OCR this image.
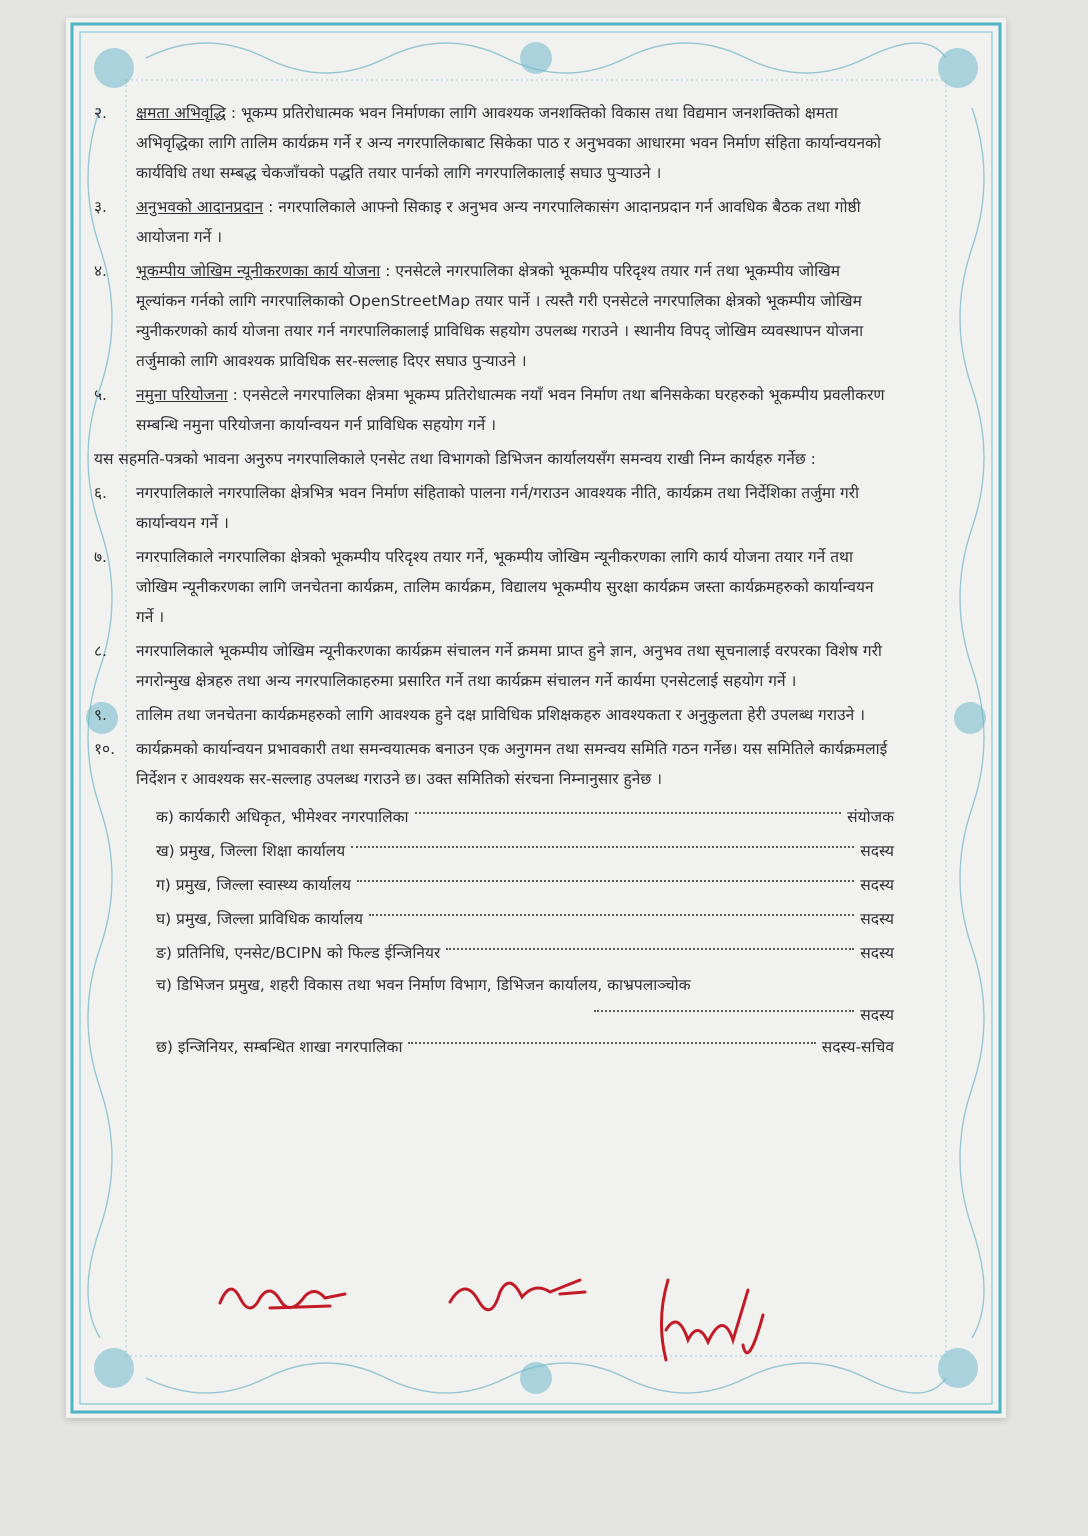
२.	क्षमता अभिवृद्धि : भूकम्प प्रतिरोधात्मक भवन निर्माणका लागि आवश्यक जनशक्तिको विकास तथा विद्यमान जनशक्तिको क्षमता अभिवृद्धिका लागि तालिम कार्यक्रम गर्ने र अन्य नगरपालिकाबाट सिकेका पाठ र अनुभवका आधारमा भवन निर्माण संहिता कार्यान्वयनको कार्यविधि तथा सम्बद्ध चेकजाँचको पद्धति तयार पार्नको लागि नगरपालिकालाई सघाउ पुर्‍याउने ।
३.	अनुभवको आदानप्रदान : नगरपालिकाले आफ्नो सिकाइ र अनुभव अन्य नगरपालिकासंग आदानप्रदान गर्न आवधिक बैठक तथा गोष्ठी आयोजना गर्ने ।
४.	भूकम्पीय जोखिम न्यूनीकरणका कार्य योजना : एनसेटले नगरपालिका क्षेत्रको भूकम्पीय परिदृश्य तयार गर्न तथा भूकम्पीय जोखिम मूल्यांकन गर्नको लागि नगरपालिकाको OpenStreetMap तयार पार्ने । त्यस्तै गरी एनसेटले नगरपालिका क्षेत्रको भूकम्पीय जोखिम न्युनीकरणको कार्य योजना तयार गर्न नगरपालिकालाई प्राविधिक सहयोग उपलब्ध गराउने । स्थानीय विपद् जोखिम व्यवस्थापन योजना तर्जुमाको लागि आवश्यक प्राविधिक सर-सल्लाह दिएर सघाउ पुर्‍याउने ।
५.	नमुना परियोजना : एनसेटले नगरपालिका क्षेत्रमा भूकम्प प्रतिरोधात्मक नयाँ भवन निर्माण तथा बनिसकेका घरहरुको भूकम्पीय प्रवलीकरण सम्बन्धि नमुना परियोजना कार्यान्वयन गर्न प्राविधिक सहयोग गर्ने ।
यस सहमति-पत्रको भावना अनुरुप नगरपालिकाले एनसेट तथा विभागको डिभिजन कार्यालयसँग समन्वय राखी निम्न कार्यहरु गर्नेछ :
६.	नगरपालिकाले नगरपालिका क्षेत्रभित्र भवन निर्माण संहिताको पालना गर्न/गराउन आवश्यक नीति, कार्यक्रम तथा निर्देशिका तर्जुमा गरी कार्यान्वयन गर्ने ।
७.	नगरपालिकाले नगरपालिका क्षेत्रको भूकम्पीय परिदृश्य तयार गर्ने, भूकम्पीय जोखिम न्यूनीकरणका लागि कार्य योजना तयार गर्ने तथा जोखिम न्यूनीकरणका लागि जनचेतना कार्यक्रम, तालिम कार्यक्रम, विद्यालय भूकम्पीय सुरक्षा कार्यक्रम जस्ता कार्यक्रमहरुको कार्यान्वयन गर्ने ।
८.	नगरपालिकाले भूकम्पीय जोखिम न्यूनीकरणका कार्यक्रम संचालन गर्ने क्रममा प्राप्त हुने ज्ञान, अनुभव तथा सूचनालाई वरपरका विशेष गरी नगरोन्मुख क्षेत्रहरु तथा अन्य नगरपालिकाहरुमा प्रसारित गर्ने तथा कार्यक्रम संचालन गर्ने कार्यमा एनसेटलाई सहयोग गर्ने ।
९.	तालिम तथा जनचेतना कार्यक्रमहरुको लागि आवश्यक हुने दक्ष प्राविधिक प्रशिक्षकहरु आवश्यकता र अनुकुलता हेरी उपलब्ध गराउने ।
१०.	कार्यक्रमको कार्यान्वयन प्रभावकारी तथा समन्वयात्मक बनाउन एक अनुगमन तथा समन्वय समिति गठन गर्नेछ। यस समितिले कार्यक्रमलाई निर्देशन र आवश्यक सर-सल्लाह उपलब्ध गराउने छ। उक्त समितिको संरचना निम्नानुसार हुनेछ ।
क) कार्यकारी अधिकृत, भीमेश्वर नगरपालिका	संयोजक
ख) प्रमुख, जिल्ला शिक्षा कार्यालय	सदस्य
ग) प्रमुख, जिल्ला स्वास्थ्य कार्यालय	सदस्य
घ) प्रमुख, जिल्ला प्राविधिक कार्यालय	सदस्य
ङ) प्रतिनिधि, एनसेट/BCIPN को फिल्ड ईन्जिनियर	सदस्य
च) डिभिजन प्रमुख, शहरी विकास तथा भवन निर्माण विभाग, डिभिजन कार्यालय, काभ्रपलाञ्चोक
सदस्य
छ) इन्जिनियर, सम्बन्धित शाखा नगरपालिका	सदस्य-सचिव
